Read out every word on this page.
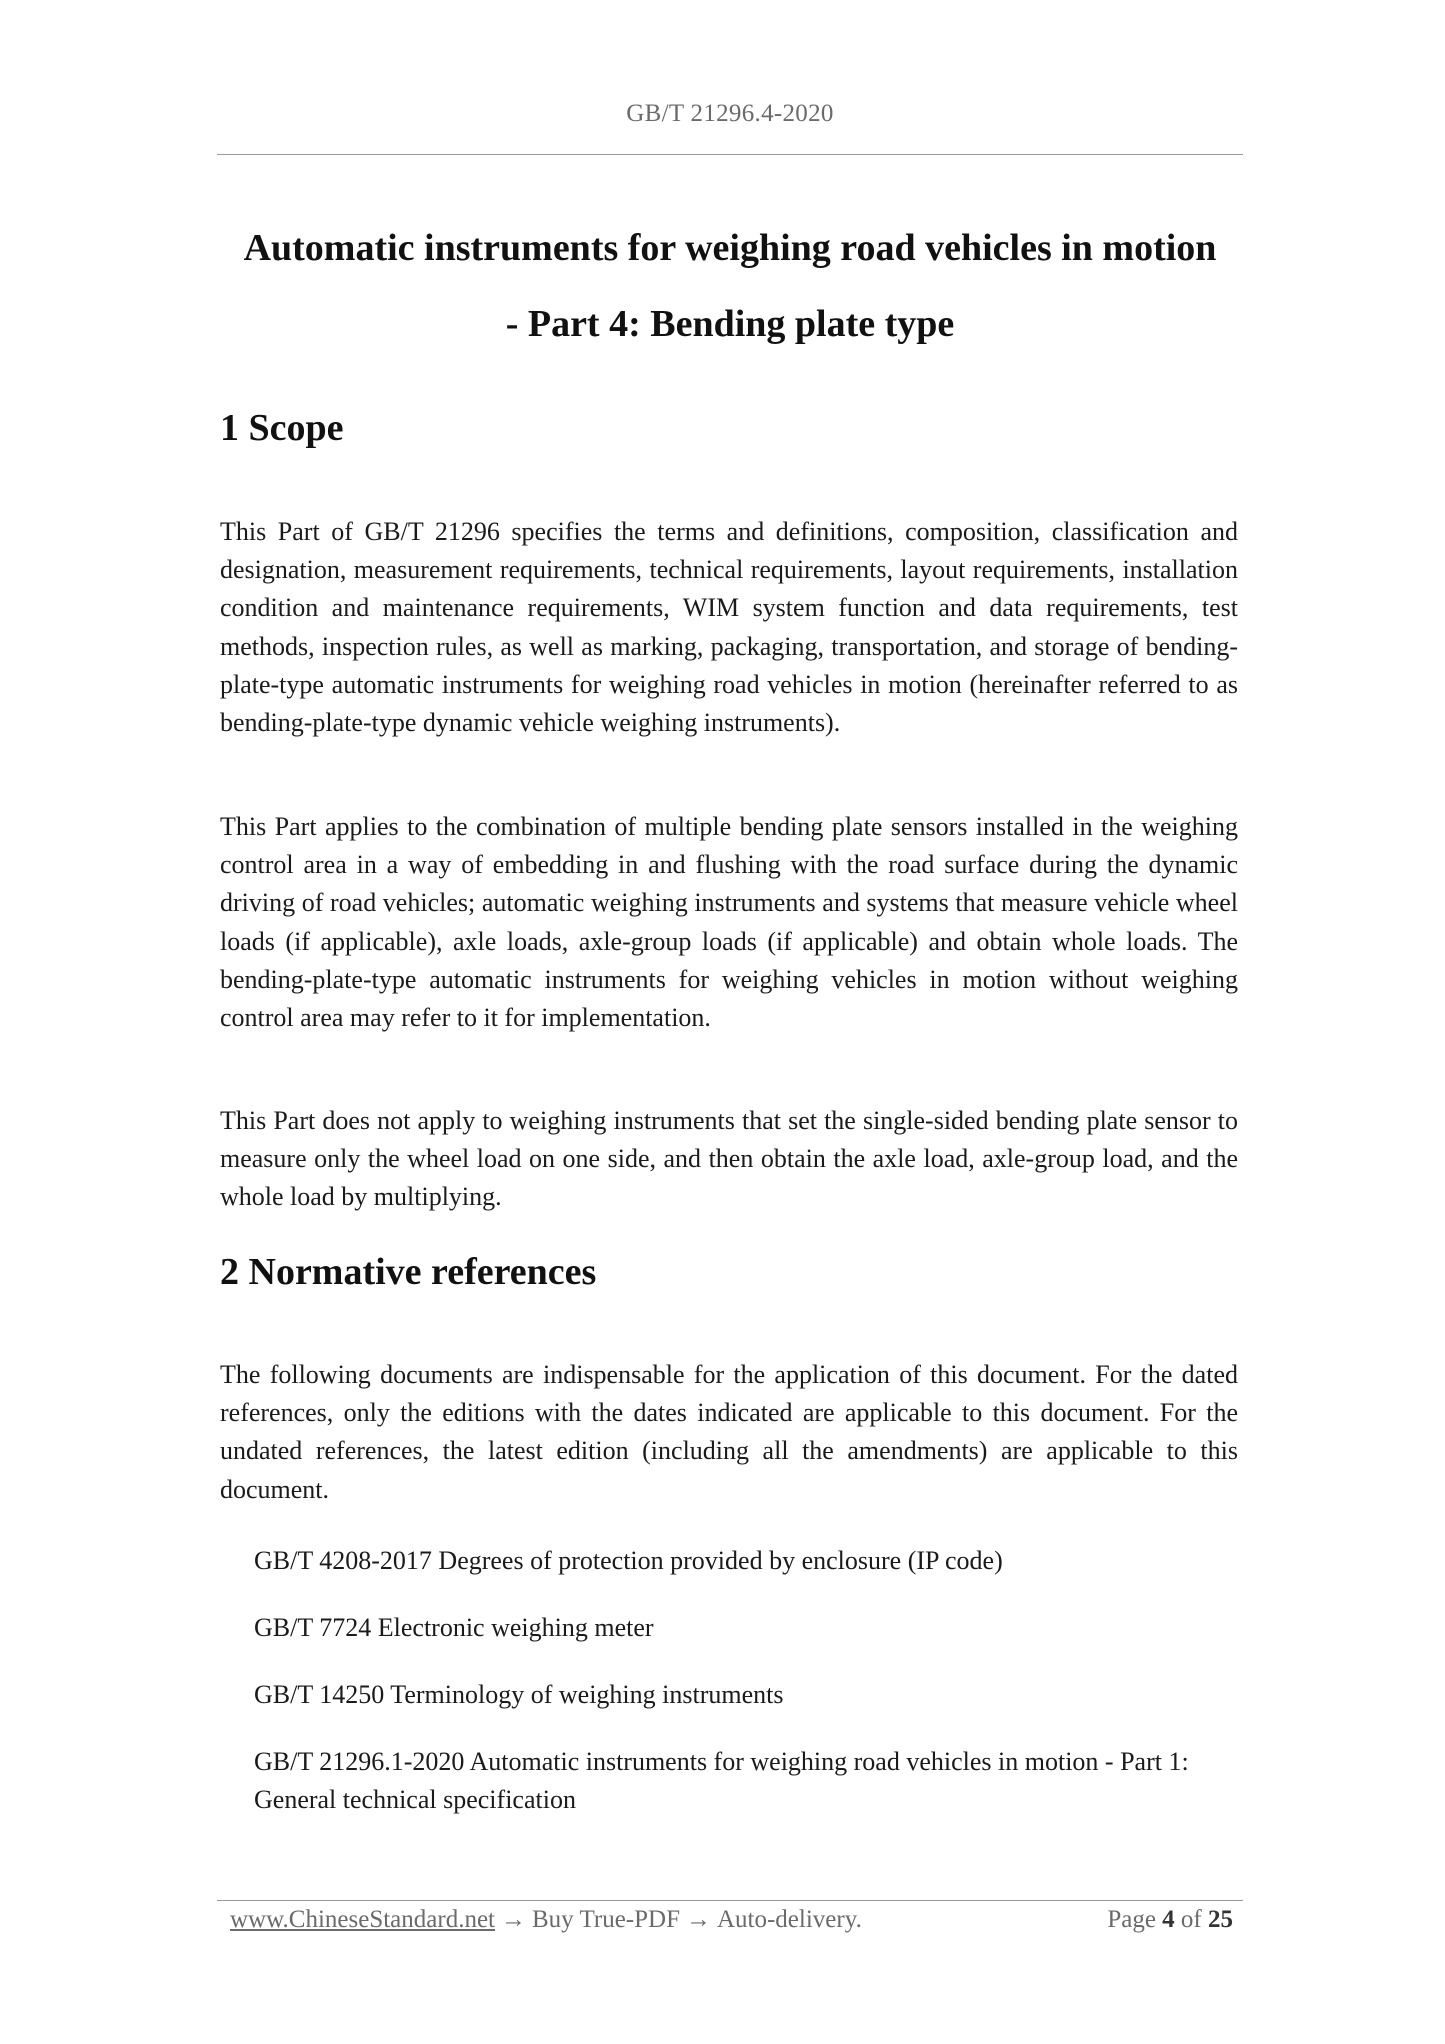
GB/T 21296.4-2020
Automatic instruments for weighing road vehicles in motion
- Part 4: Bending plate type
1 Scope

This Part of GB/T 21296 specifies the terms and definitions, composition, classification and designation, measurement requirements, technical requirements, layout requirements, installation condition and maintenance requirements, WIM system function and data requirements, test methods, inspection rules, as well as marking, packaging, transportation, and storage of bending-plate-type automatic instruments for weighing road vehicles in motion (hereinafter referred to as bending-plate-type dynamic vehicle weighing instruments).

This Part applies to the combination of multiple bending plate sensors installed in the weighing control area in a way of embedding in and flushing with the road surface during the dynamic driving of road vehicles; automatic weighing instruments and systems that measure vehicle wheel loads (if applicable), axle loads, axle-group loads (if applicable) and obtain whole loads. The bending-plate-type automatic instruments for weighing vehicles in motion without weighing control area may refer to it for implementation.

This Part does not apply to weighing instruments that set the single-sided bending plate sensor to measure only the wheel load on one side, and then obtain the axle load, axle-group load, and the whole load by multiplying.

2 Normative references

The following documents are indispensable for the application of this document. For the dated references, only the editions with the dates indicated are applicable to this document. For the undated references, the latest edition (including all the amendments) are applicable to this document.

GB/T 4208-2017 Degrees of protection provided by enclosure (IP code)

GB/T 7724 Electronic weighing meter

GB/T 14250 Terminology of weighing instruments

GB/T 21296.1-2020 Automatic instruments for weighing road vehicles in motion - Part 1: General technical specification

www.ChineseStandard.net → Buy True-PDF → Auto-delivery.	Page 4 of 25
